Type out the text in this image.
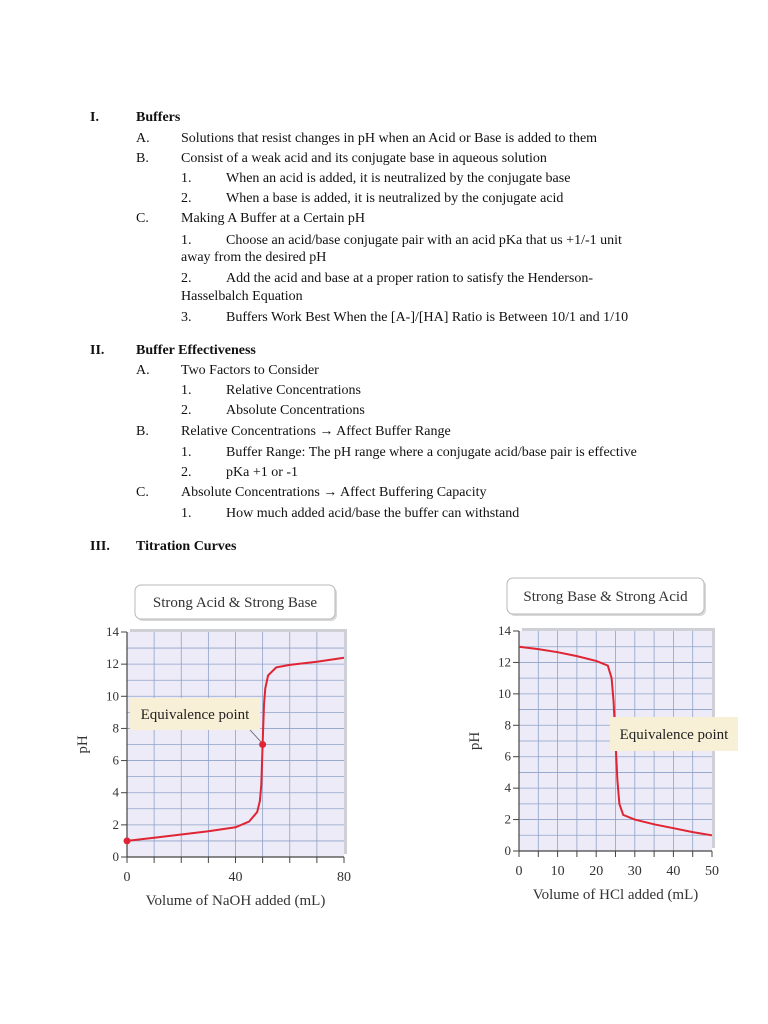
I.	Buffers
A. Solutions that resist changes in pH when an Acid or Base is added to them
B. Consist of a weak acid and its conjugate base in aqueous solution
1. When an acid is added, it is neutralized by the conjugate base
2. When a base is added, it is neutralized by the conjugate acid
C. Making A Buffer at a Certain pH
1. Choose an acid/base conjugate pair with an acid pKa that us +1/-1 unit
away from the desired pH
2. Add the acid and base at a proper ration to satisfy the Henderson-
Hasselbalch Equation
3. Buffers Work Best When the [A-]/[HA] Ratio is Between 10/1 and 1/10
II. Buffer Effectiveness
A. Two Factors to Consider
1. Relative Concentrations
2. Absolute Concentrations
B. Relative Concentrations → Affect Buffer Range
1. Buffer Range: The pH range where a conjugate acid/base pair is effective
2. pKa +1 or -1
C. Absolute Concentrations → Affect Buffering Capacity
1. How much added acid/base the buffer can withstand
III. Titration Curves
Strong Acid & Strong Base
0
2
4
6
8
10
12
14
0	40	80
Volume of NaOH added (mL)
pH
Equivalence point
Strong Base & Strong Acid
0
2
4
6
8
10
12
14
0 10 20 30 40 50
Volume of HCl added (mL)
pH	Equivalence point
